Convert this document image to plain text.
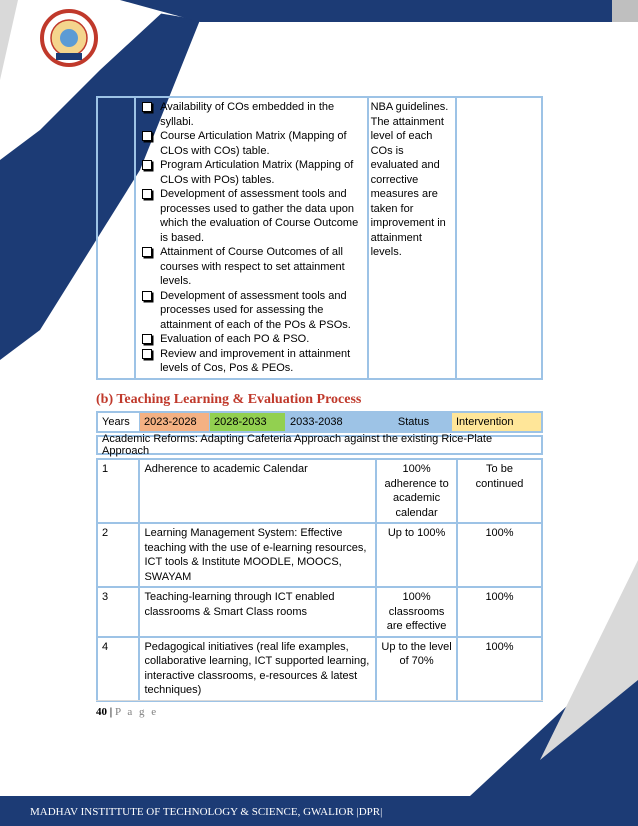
Availability of COs embedded in the syllabi.
Course Articulation Matrix (Mapping of CLOs with COs) table.
Program Articulation Matrix (Mapping of CLOs with POs) tables.
Development of assessment tools and processes used to gather the data upon which the evaluation of Course Outcome is based.
Attainment of Course Outcomes of all courses with respect to set attainment levels.
Development of assessment tools and processes used for assessing the attainment of each of the POs & PSOs.
Evaluation of each PO & PSO.
Review and improvement in attainment levels of Cos, Pos & PEOs.
	NBA guidelines. The attainment level of each COs is evaluated and corrective measures are taken for improvement in attainment levels.	
(b) Teaching Learning & Evaluation Process
Years	2023-2028	2028-2033	2033-2038	Status	Intervention
Academic Reforms: Adapting Cafeteria Approach against the existing Rice-Plate Approach
1	Adherence to academic Calendar	100% adherence to academic calendar	To be continued
2	Learning Management System: Effective teaching with the use of e-learning resources, ICT tools & Institute MOODLE, MOOCS, SWAYAM	Up to 100%	100%
3	Teaching-learning through ICT enabled classrooms & Smart Class rooms	100% classrooms are effective	100%
4	Pedagogical initiatives (real life examples, collaborative learning, ICT supported learning, interactive classrooms, e-resources & latest techniques)	Up to the level of 70%	100%
40 | P a g e
MADHAV INSTITTUTE OF TECHNOLOGY & SCIENCE, GWALIOR |DPR|
